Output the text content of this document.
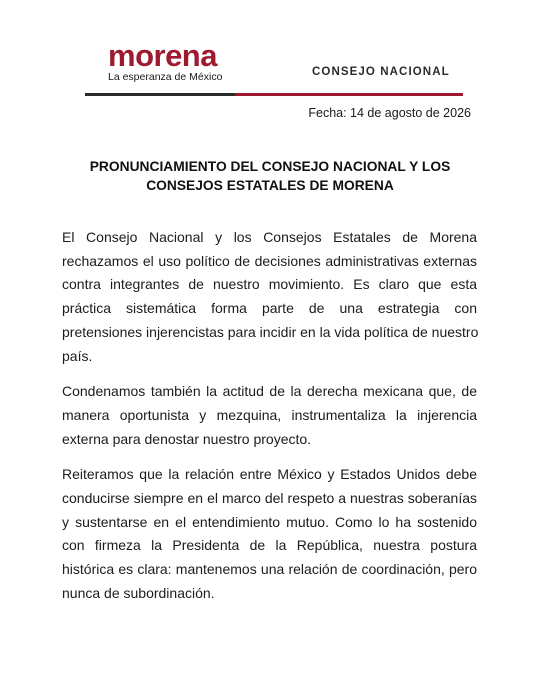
morena
La esperanza de México	CONSEJO NACIONAL
Fecha: 14 de agosto de 2026
PRONUNCIAMIENTO DEL CONSEJO NACIONAL Y LOS
CONSEJOS ESTATALES DE MORENA

El Consejo Nacional y los Consejos Estatales de Morena
rechazamos el uso político de decisiones administrativas externas
contra integrantes de nuestro movimiento. Es claro que esta
práctica sistemática forma parte de una estrategia con
pretensiones injerencistas para incidir en la vida política de nuestro
país.

Condenamos también la actitud de la derecha mexicana que, de
manera oportunista y mezquina, instrumentaliza la injerencia
externa para denostar nuestro proyecto.

Reiteramos que la relación entre México y Estados Unidos debe
conducirse siempre en el marco del respeto a nuestras soberanías
y sustentarse en el entendimiento mutuo. Como lo ha sostenido
con firmeza la Presidenta de la República, nuestra postura
histórica es clara: mantenemos una relación de coordinación, pero
nunca de subordinación.
